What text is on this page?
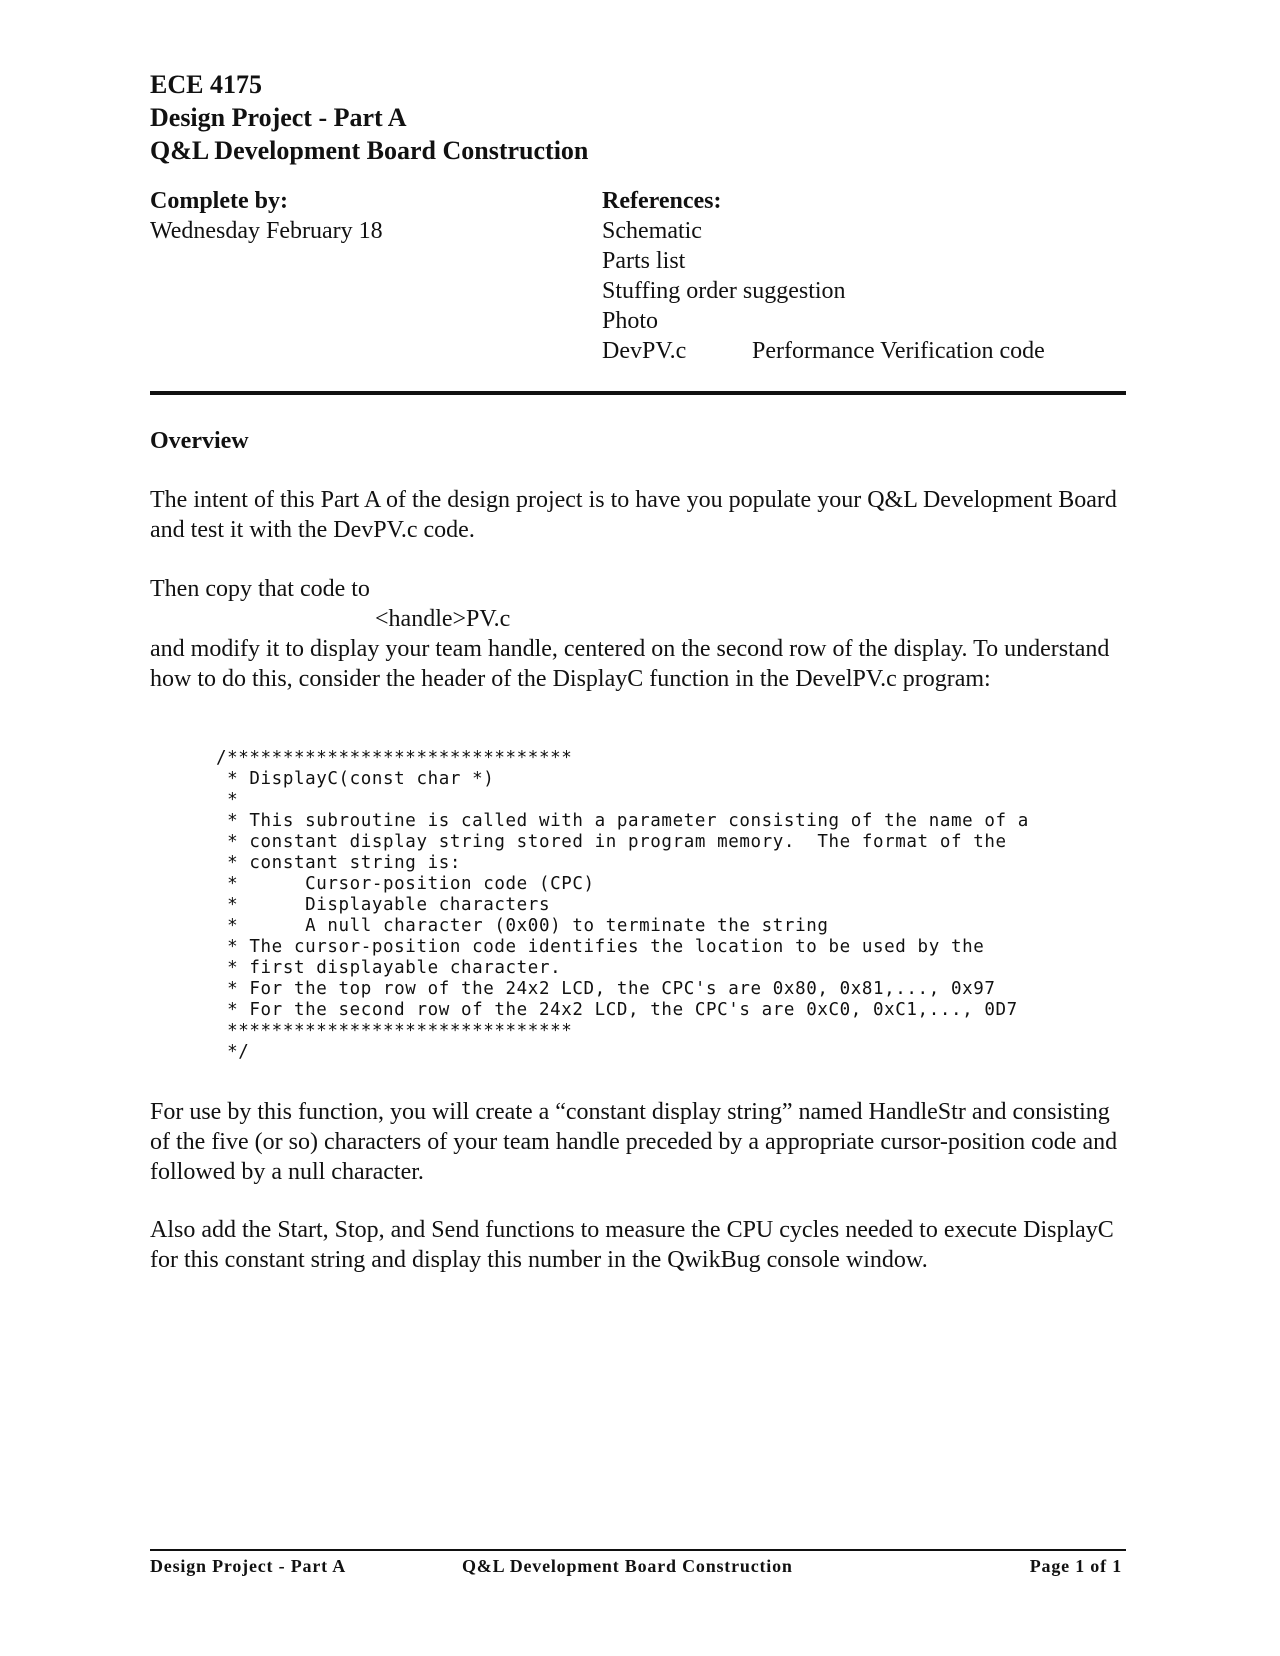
ECE 4175
Design Project - Part A
Q&L Development Board Construction
Complete by:
Wednesday February 18
References:
Schematic
Parts list
Stuffing order suggestion
Photo
DevPV.c	Performance Verification code
Overview

The intent of this Part A of the design project is to have you populate your Q&L Development Board and test it with the DevPV.c code.

Then copy that code to

<handle>PV.c

and modify it to display your team handle, centered on the second row of the display. To understand how to do this, consider the header of the DisplayC function in the DevelPV.c program:

/*******************************
* DisplayC(const char *)
*
* This subroutine is called with a parameter consisting of the name of a
* constant display string stored in program memory.  The format of the
* constant string is:
*      Cursor-position code (CPC)
*      Displayable characters
*      A null character (0x00) to terminate the string
* The cursor-position code identifies the location to be used by the
* first displayable character.
* For the top row of the 24x2 LCD, the CPC's are 0x80, 0x81,..., 0x97
* For the second row of the 24x2 LCD, the CPC's are 0xC0, 0xC1,..., 0D7
*******************************
*/

For use by this function, you will create a “constant display string” named HandleStr and consisting of the five (or so) characters of your team handle preceded by a appropriate cursor-position code and followed by a null character.

Also add the Start, Stop, and Send functions to measure the CPU cycles needed to execute DisplayC for this constant string and display this number in the QwikBug console window.

Design Project - Part A	Q&L Development Board Construction	Page 1 of 1
